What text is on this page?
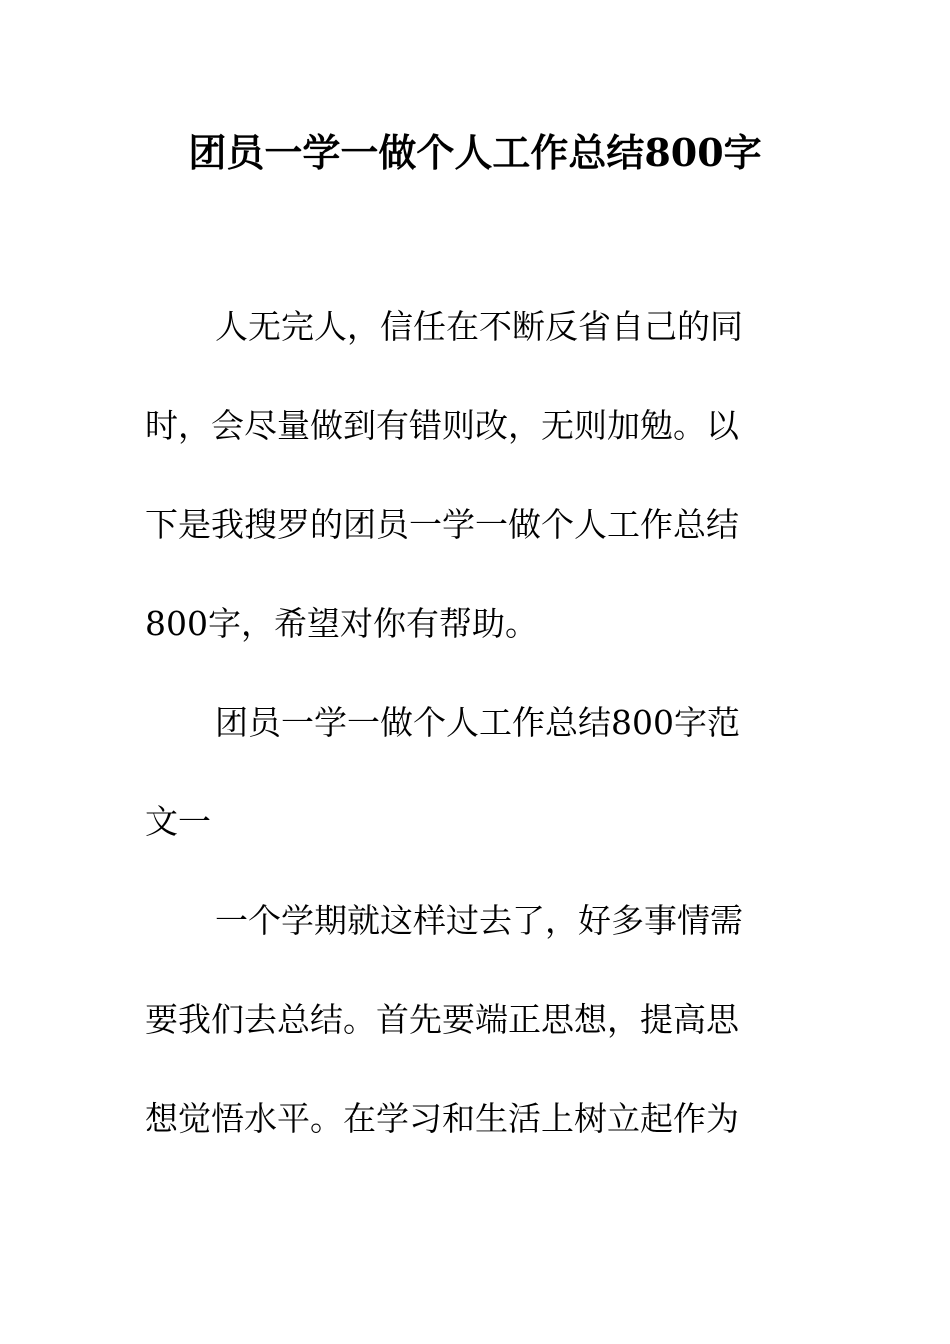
团员一学一做个人工作总结800字

人无完人，信任在不断反省自己的同

时，会尽量做到有错则改，无则加勉。以

下是我搜罗的团员一学一做个人工作总结

800字，希望对你有帮助。

团员一学一做个人工作总结800字范

文一

一个学期就这样过去了，好多事情需

要我们去总结。首先要端正思想，提高思

想觉悟水平。在学习和生活上树立起作为
